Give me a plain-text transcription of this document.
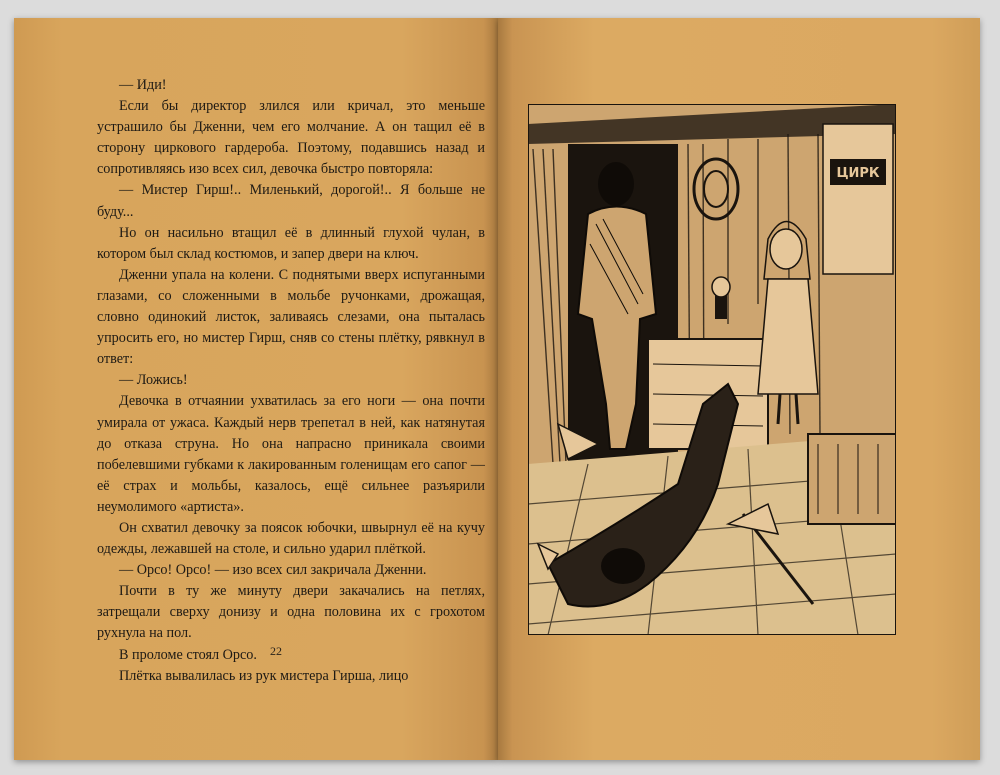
— Иди!

Если бы директор злился или кричал, это меньше устрашило бы Дженни, чем его молчание. А он тащил её в сторону циркового гардероба. Поэтому, подавшись назад и сопротивляясь изо всех сил, девочка быстро повторяла:

— Мистер Гирш!.. Миленький, дорогой!.. Я больше не буду...

Но он насильно втащил её в длинный глухой чулан, в котором был склад костюмов, и запер двери на ключ.

Дженни упала на колени. С поднятыми вверх испуганными глазами, со сложенными в мольбе ручонками, дрожащая, словно одинокий листок, заливаясь слезами, она пыталась упросить его, но мистер Гирш, сняв со стены плётку, рявкнул в ответ:

— Ложись!

Девочка в отчаянии ухватилась за его ноги — она почти умирала от ужаса. Каждый нерв трепетал в ней, как натянутая до отказа струна. Но она напрасно приникала своими побелевшими губками к лакированным голенищам его сапог —её страх и мольбы, казалось, ещё сильнее разъярили неумолимого «артиста».

Он схватил девочку за поясок юбочки, швырнул её на кучу одежды, лежавшей на столе, и сильно ударил плёткой.

— Орсо! Орсо! — изо всех сил закричала Дженни.

Почти в ту же минуту двери закачались на петлях, затрещали сверху донизу и одна половина их с грохотом рухнула на пол.

В проломе стоял Орсо.

Плётка вывалилась из рук мистера Гирша, лицо

22
ЦИРК
